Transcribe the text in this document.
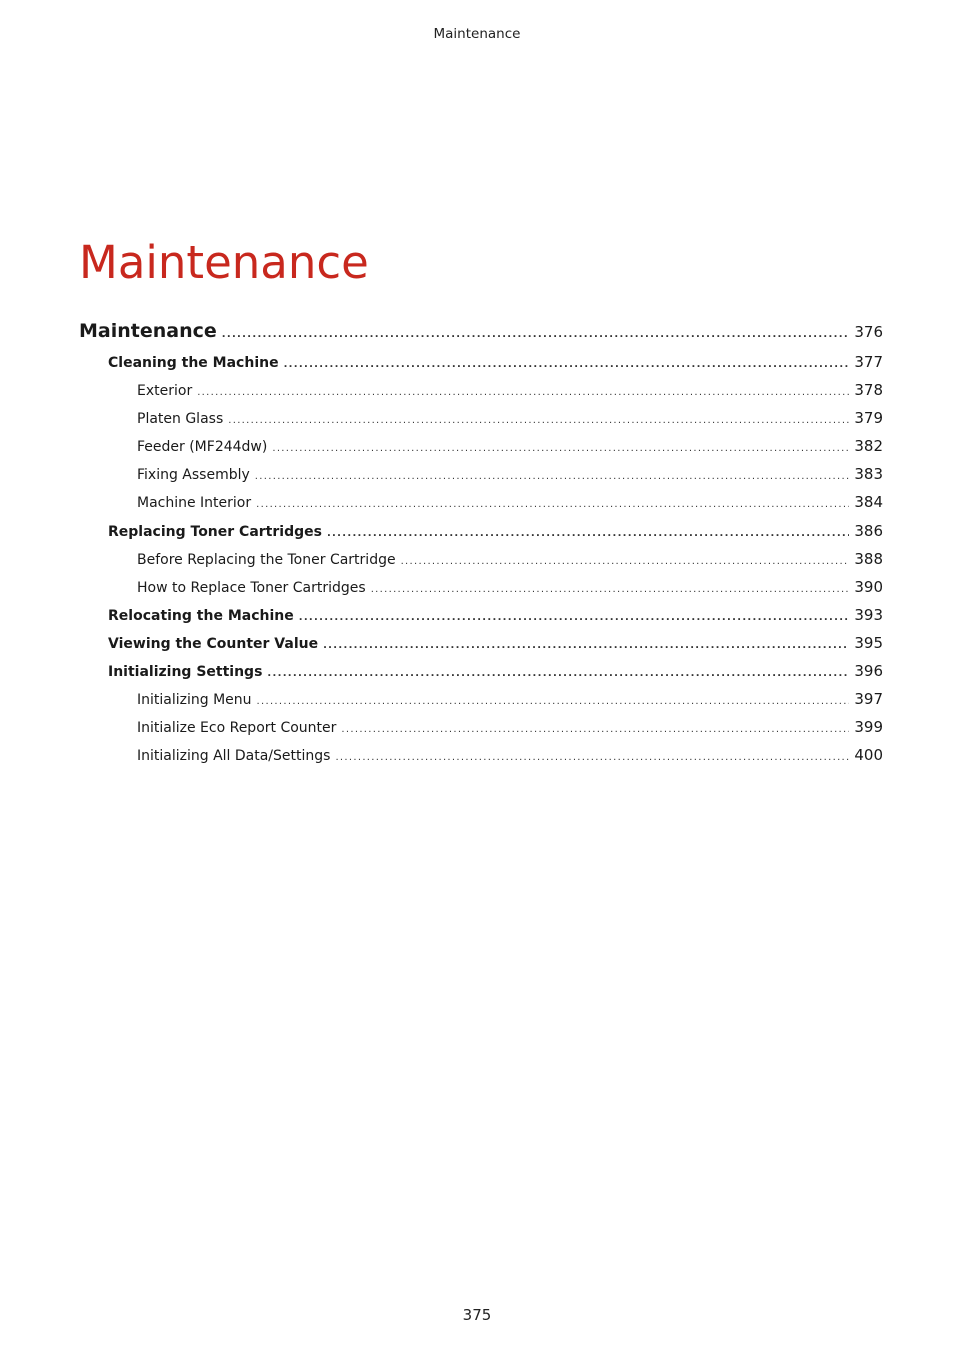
Maintenance
Maintenance
Maintenance .....	376
Cleaning the Machine .....	377
Exterior .....	378
Platen Glass .....	379
Feeder (MF244dw) .....	382
Fixing Assembly .....	383
Machine Interior .....	384
Replacing Toner Cartridges .....	386
Before Replacing the Toner Cartridge .....	388
How to Replace Toner Cartridges .....	390
Relocating the Machine .....	393
Viewing the Counter Value .....	395
Initializing Settings .....	396
Initializing Menu .....	397
Initialize Eco Report Counter .....	399
Initializing All Data/Settings .....	400
375
